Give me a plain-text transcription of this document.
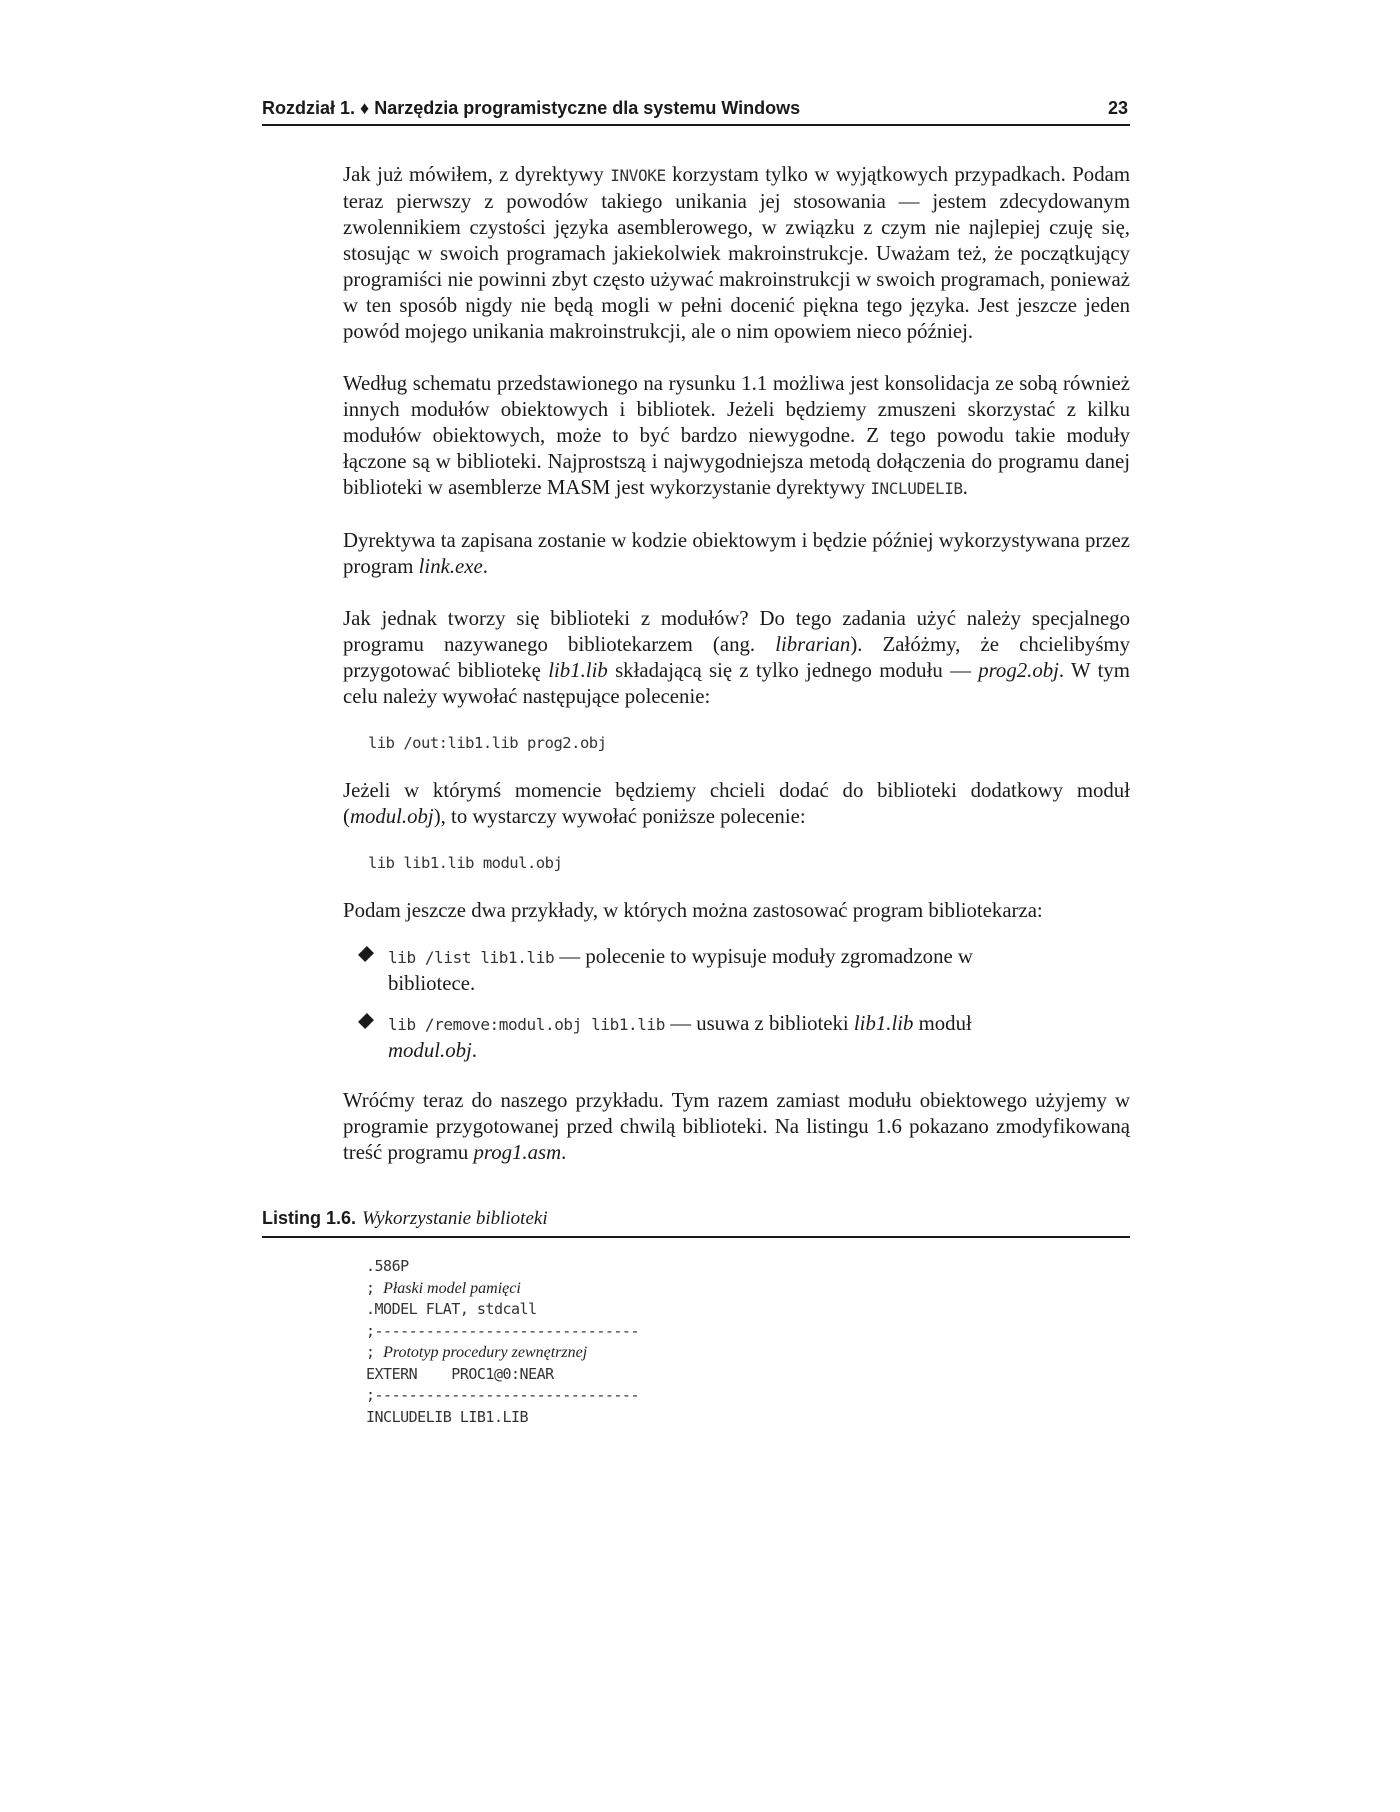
Rozdział 1. ♦ Narzędzia programistyczne dla systemu Windows	23

Jak już mówiłem, z dyrektywy INVOKE korzystam tylko w wyjątkowych przypadkach. Podam teraz pierwszy z powodów takiego unikania jej stosowania — jestem zdecydowanym zwolennikiem czystości języka asemblerowego, w związku z czym nie najlepiej czuję się, stosując w swoich programach jakiekolwiek makroinstrukcje. Uważam też, że początkujący programiści nie powinni zbyt często używać makroinstrukcji w swoich programach, ponieważ w ten sposób nigdy nie będą mogli w pełni docenić piękna tego języka. Jest jeszcze jeden powód mojego unikania makroinstrukcji, ale o nim opowiem nieco później.

Według schematu przedstawionego na rysunku 1.1 możliwa jest konsolidacja ze sobą również innych modułów obiektowych i bibliotek. Jeżeli będziemy zmuszeni skorzystać z kilku modułów obiektowych, może to być bardzo niewygodne. Z tego powodu takie moduły łączone są w biblioteki. Najprostszą i najwygodniejsza metodą dołączenia do programu danej biblioteki w asemblerze MASM jest wykorzystanie dyrektywy INCLUDELIB.

Dyrektywa ta zapisana zostanie w kodzie obiektowym i będzie później wykorzystywana przez program link.exe.

Jak jednak tworzy się biblioteki z modułów? Do tego zadania użyć należy specjalnego programu nazywanego bibliotekarzem (ang. librarian). Załóżmy, że chcielibyśmy przygotować bibliotekę lib1.lib składającą się z tylko jednego modułu — prog2.obj. W tym celu należy wywołać następujące polecenie:

lib /out:lib1.lib prog2.obj

Jeżeli w którymś momencie będziemy chcieli dodać do biblioteki dodatkowy moduł (modul.obj), to wystarczy wywołać poniższe polecenie:

lib lib1.lib modul.obj

Podam jeszcze dwa przykłady, w których można zastosować program bibliotekarza:

lib /list lib1.lib — polecenie to wypisuje moduły zgromadzone w bibliotece.
lib /remove:modul.obj lib1.lib — usuwa z biblioteki lib1.lib moduł modul.obj.

Wróćmy teraz do naszego przykładu. Tym razem zamiast modułu obiektowego użyjemy w programie przygotowanej przed chwilą biblioteki. Na listingu 1.6 pokazano zmodyfikowaną treść programu prog1.asm.

Listing 1.6. Wykorzystanie biblioteki
.586P
; Płaski model pamięci
.MODEL FLAT, stdcall
;-------------------------------
; Prototyp procedury zewnętrznej
EXTERN    PROC1@0:NEAR
;-------------------------------
INCLUDELIB LIB1.LIB
